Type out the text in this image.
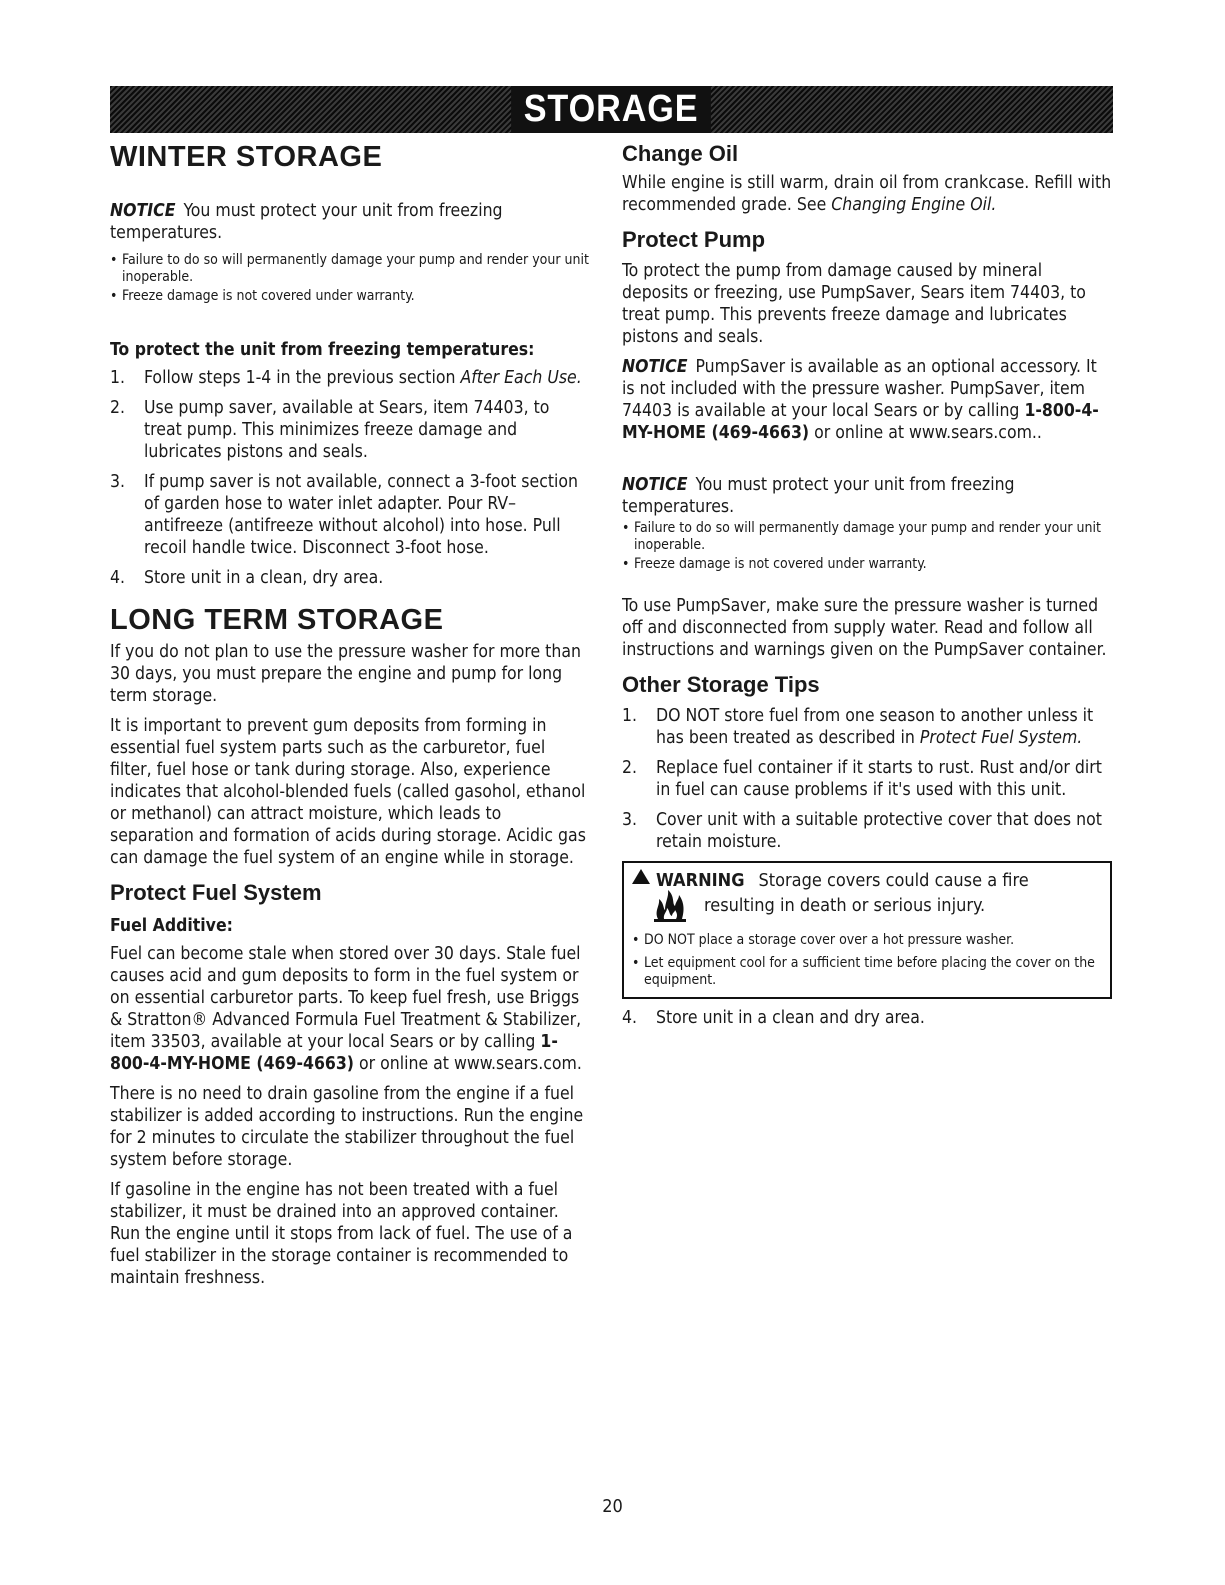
STORAGE
WINTER STORAGE

NOTICE You must protect your unit from freezing temperatures.

• Failure to do so will permanently damage your pump and render your unit inoperable.
• Freeze damage is not covered under warranty.
To protect the unit from freezing temperatures:
1. Follow steps 1-4 in the previous section After Each Use.
2. Use pump saver, available at Sears, item 74403, to treat pump. This minimizes freeze damage and lubricates pistons and seals.
3. If pump saver is not available, connect a 3-foot section of garden hose to water inlet adapter. Pour RV–antifreeze (antifreeze without alcohol) into hose. Pull recoil handle twice. Disconnect 3-foot hose.
4. Store unit in a clean, dry area.
LONG TERM STORAGE

If you do not plan to use the pressure washer for more than 30 days, you must prepare the engine and pump for long term storage.

It is important to prevent gum deposits from forming in essential fuel system parts such as the carburetor, fuel filter, fuel hose or tank during storage. Also, experience indicates that alcohol-blended fuels (called gasohol, ethanol or methanol) can attract moisture, which leads to separation and formation of acids during storage. Acidic gas can damage the fuel system of an engine while in storage.

Protect Fuel System
Fuel Additive:

Fuel can become stale when stored over 30 days. Stale fuel causes acid and gum deposits to form in the fuel system or on essential carburetor parts. To keep fuel fresh, use Briggs & Stratton® Advanced Formula Fuel Treatment & Stabilizer, item 33503, available at your local Sears or by calling 1-800-4-MY-HOME (469-4663) or online at www.sears.com.

There is no need to drain gasoline from the engine if a fuel stabilizer is added according to instructions. Run the engine for 2 minutes to circulate the stabilizer throughout the fuel system before storage.

If gasoline in the engine has not been treated with a fuel stabilizer, it must be drained into an approved container. Run the engine until it stops from lack of fuel. The use of a fuel stabilizer in the storage container is recommended to maintain freshness.

Change Oil

While engine is still warm, drain oil from crankcase. Refill with recommended grade. See Changing Engine Oil.

Protect Pump

To protect the pump from damage caused by mineral deposits or freezing, use PumpSaver, Sears item 74403, to treat pump. This prevents freeze damage and lubricates pistons and seals.

NOTICE PumpSaver is available as an optional accessory. It is not included with the pressure washer. PumpSaver, item 74403 is available at your local Sears or by calling 1-800-4-MY-HOME (469-4663) or online at www.sears.com..

NOTICE You must protect your unit from freezing temperatures.

• Failure to do so will permanently damage your pump and render your unit inoperable.
• Freeze damage is not covered under warranty.

To use PumpSaver, make sure the pressure washer is turned off and disconnected from supply water. Read and follow all instructions and warnings given on the PumpSaver container.

Other Storage Tips
1. DO NOT store fuel from one season to another unless it has been treated as described in Protect Fuel System.
2. Replace fuel container if it starts to rust. Rust and/or dirt in fuel can cause problems if it's used with this unit.
3. Cover unit with a suitable protective cover that does not retain moisture.
WARNING Storage covers could cause a fire
resulting in death or serious injury.
• DO NOT place a storage cover over a hot pressure washer.
• Let equipment cool for a sufficient time before placing the cover on the equipment.
4. Store unit in a clean and dry area.
20
